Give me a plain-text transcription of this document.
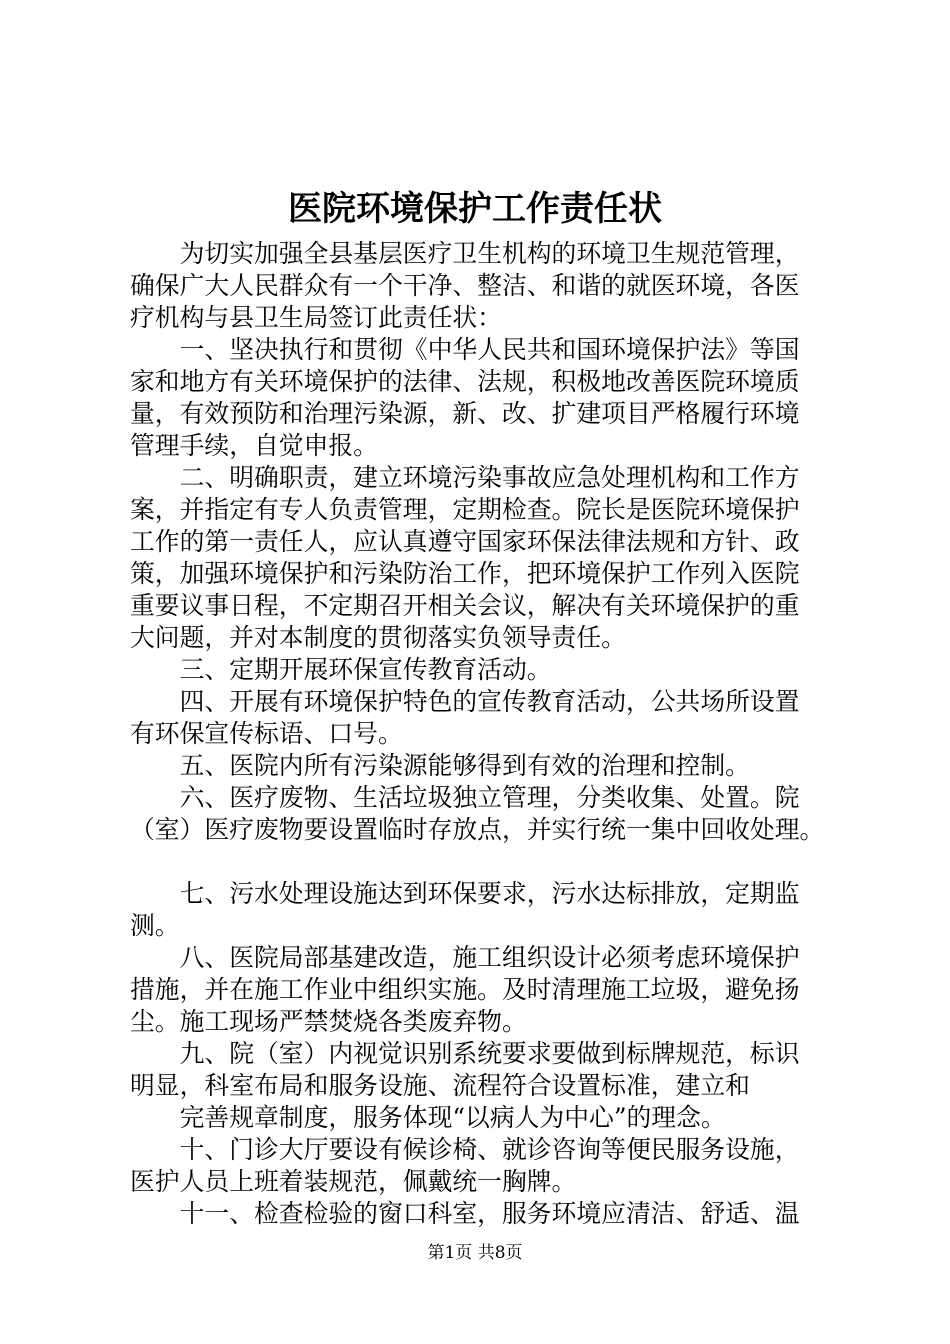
医院环境保护工作责任状
　　为切实加强全县基层医疗卫生机构的环境卫生规范管理，
确保广大人民群众有一个干净、整洁、和谐的就医环境，各医
疗机构与县卫生局签订此责任状：
　　一、坚决执行和贯彻《中华人民共和国环境保护法》等国
家和地方有关环境保护的法律、法规，积极地改善医院环境质
量，有效预防和治理污染源，新、改、扩建项目严格履行环境
管理手续，自觉申报。
　　二、明确职责，建立环境污染事故应急处理机构和工作方
案，并指定有专人负责管理，定期检查。院长是医院环境保护
工作的第一责任人，应认真遵守国家环保法律法规和方针、政
策，加强环境保护和污染防治工作，把环境保护工作列入医院
重要议事日程，不定期召开相关会议，解决有关环境保护的重
大问题，并对本制度的贯彻落实负领导责任。
　　三、定期开展环保宣传教育活动。
　　四、开展有环境保护特色的宣传教育活动，公共场所设置
有环保宣传标语、口号。
　　五、医院内所有污染源能够得到有效的治理和控制。
　　六、医疗废物、生活垃圾独立管理，分类收集、处置。院
（室）医疗废物要设置临时存放点，并实行统一集中回收处理。
　　七、污水处理设施达到环保要求，污水达标排放，定期监
测。
　　八、医院局部基建改造，施工组织设计必须考虑环境保护
措施，并在施工作业中组织实施。及时清理施工垃圾，避免扬
尘。施工现场严禁焚烧各类废弃物。
　　九、院（室）内视觉识别系统要求要做到标牌规范，标识
明显，科室布局和服务设施、流程符合设置标准，建立和
　　完善规章制度，服务体现“以病人为中心”的理念。
　　十、门诊大厅要设有候诊椅、就诊咨询等便民服务设施，
医护人员上班着装规范，佩戴统一胸牌。
　　十一、检查检验的窗口科室，服务环境应清洁、舒适、温
第1页 共8页
